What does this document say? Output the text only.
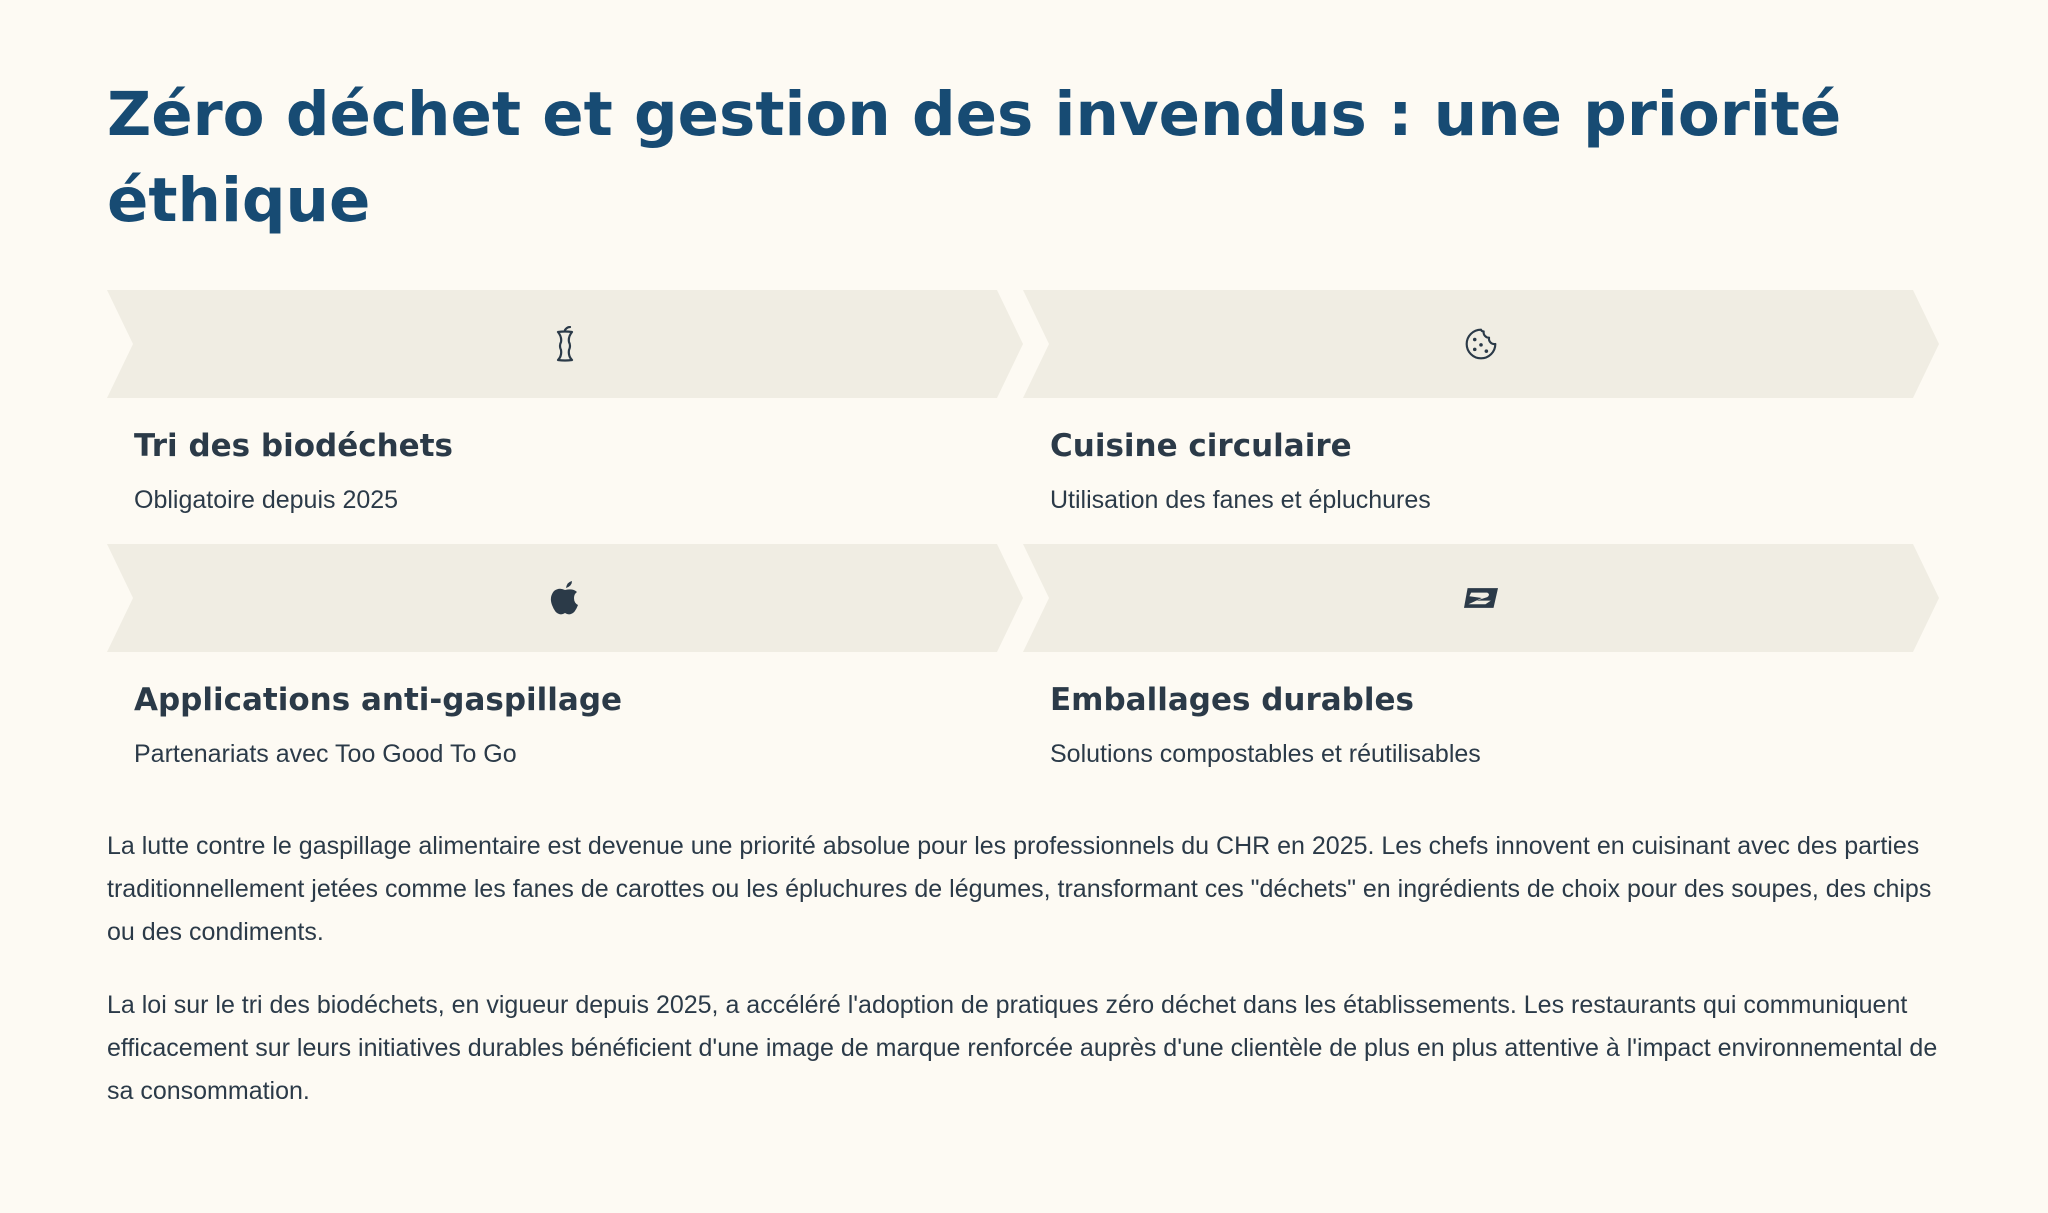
Zéro déchet et gestion des invendus : une priorité éthique
Tri des biodéchets
Obligatoire depuis 2025
Cuisine circulaire
Utilisation des fanes et épluchures
Applications anti-gaspillage
Partenariats avec Too Good To Go
Emballages durables
Solutions compostables et réutilisables

La lutte contre le gaspillage alimentaire est devenue une priorité absolue pour les professionnels du CHR en 2025. Les chefs innovent en cuisinant avec des parties traditionnellement jetées comme les fanes de carottes ou les épluchures de légumes, transformant ces "déchets" en ingrédients de choix pour des soupes, des chips ou des condiments.

La loi sur le tri des biodéchets, en vigueur depuis 2025, a accéléré l'adoption de pratiques zéro déchet dans les établissements. Les restaurants qui communiquent efficacement sur leurs initiatives durables bénéficient d'une image de marque renforcée auprès d'une clientèle de plus en plus attentive à l'impact environnemental de sa consommation.
